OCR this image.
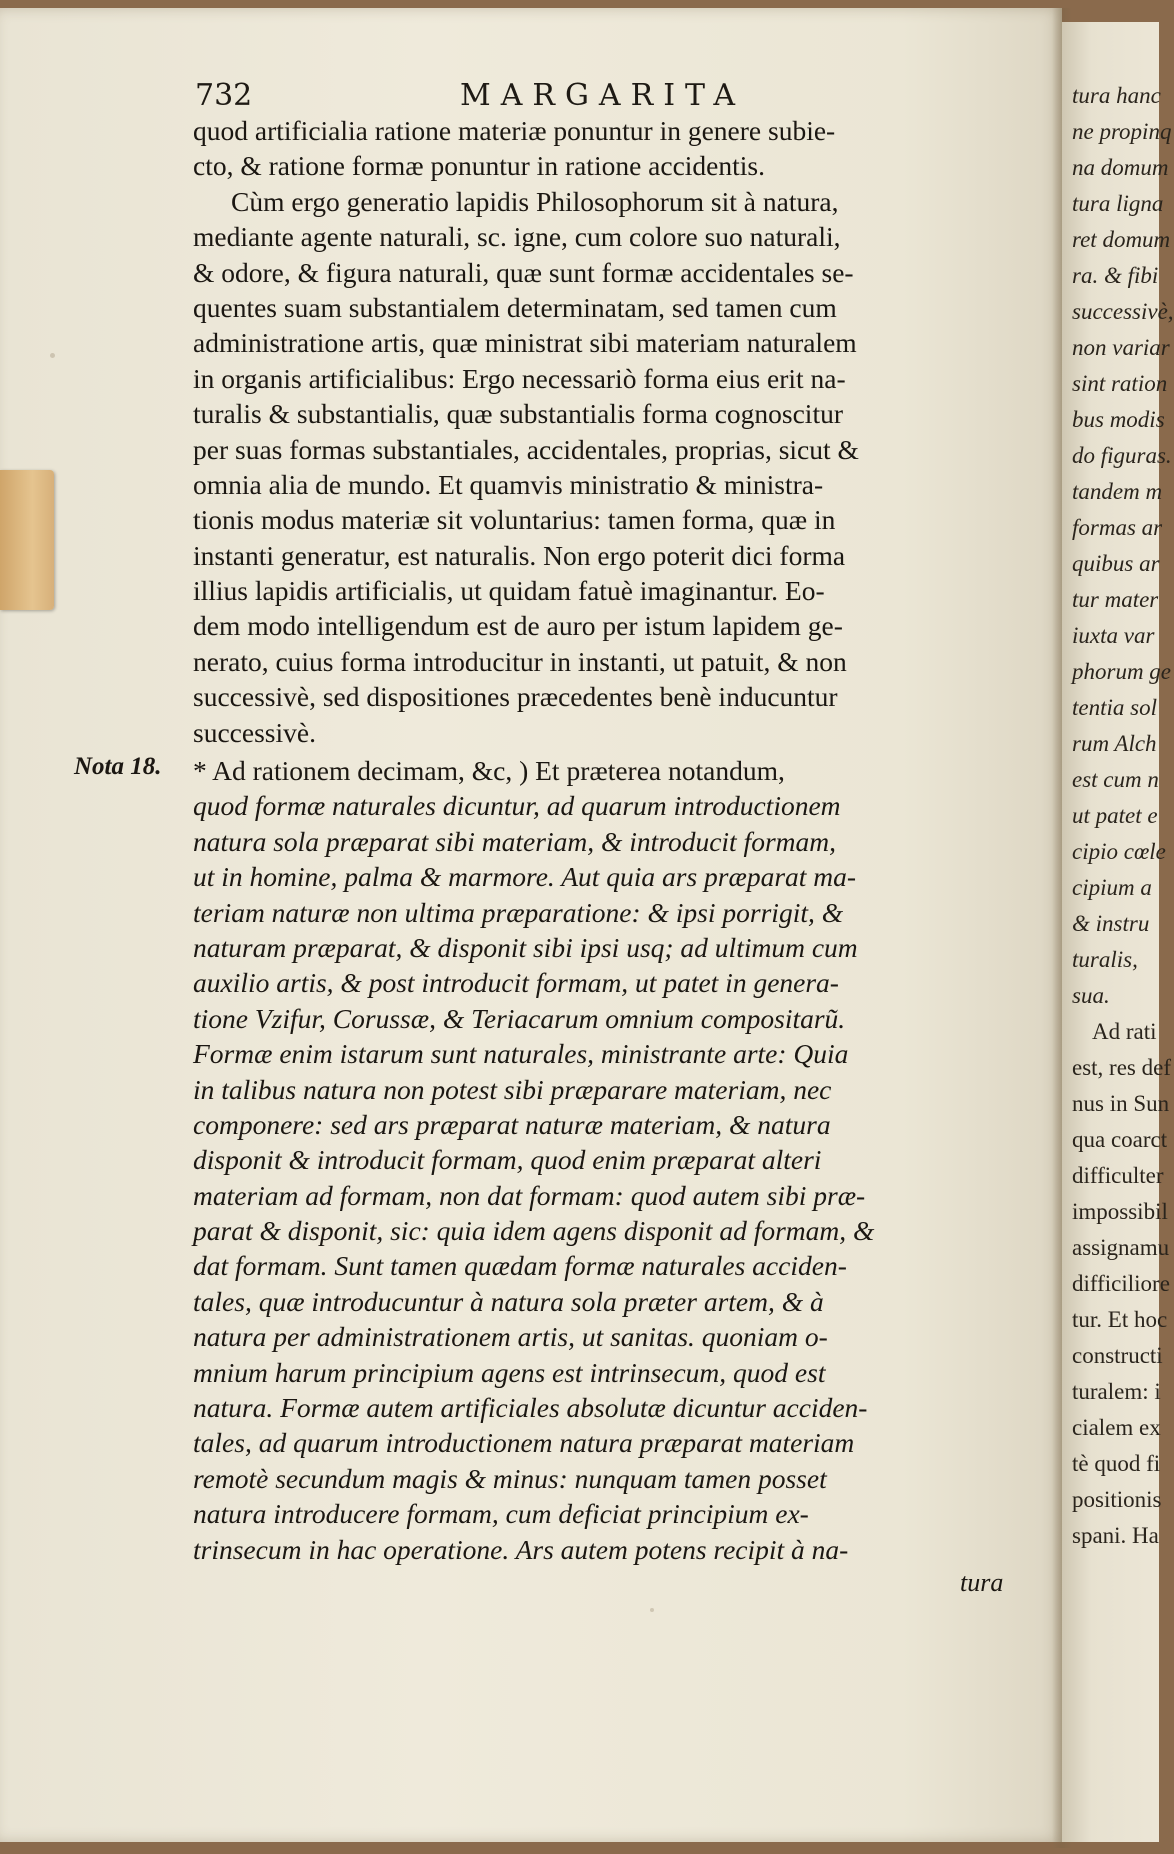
732	MARGARITA
quod artificialia ratione materiæ ponuntur in genere subie-
cto, & ratione formæ ponuntur in ratione accidentis.
Cùm ergo generatio lapidis Philosophorum sit à natura,
mediante agente naturali, sc. igne, cum colore suo naturali,
& odore, & figura naturali, quæ sunt formæ accidentales se-
quentes suam substantialem determinatam, sed tamen cum
administratione artis, quæ ministrat sibi materiam naturalem
in organis artificialibus: Ergo necessariò forma eius erit na-
turalis & substantialis, quæ substantialis forma cognoscitur
per suas formas substantiales, accidentales, proprias, sicut &
omnia alia de mundo. Et quamvis ministratio & ministra-
tionis modus materiæ sit voluntarius: tamen forma, quæ in
instanti generatur, est naturalis. Non ergo poterit dici forma
illius lapidis artificialis, ut quidam fatuè imaginantur. Eo-
dem modo intelligendum est de auro per istum lapidem ge-
nerato, cuius forma introducitur in instanti, ut patuit, & non
successivè, sed dispositiones præcedentes benè inducuntur
successivè.
Nota 18. * Ad rationem decimam, &c, ) Et præterea notandum,
quod formæ naturales dicuntur, ad quarum introductionem
natura sola præparat sibi materiam, & introducit formam,
ut in homine, palma & marmore. Aut quia ars præparat ma-
teriam naturæ non ultima præparatione: & ipsi porrigit, &
naturam præparat, & disponit sibi ipsi usq; ad ultimum cum
auxilio artis, & post introducit formam, ut patet in genera-
tione Vzifur, Corussæ, & Teriacarum omnium compositarũ.
Formæ enim istarum sunt naturales, ministrante arte: Quia
in talibus natura non potest sibi præparare materiam, nec
componere: sed ars præparat naturæ materiam, & natura
disponit & introducit formam, quod enim præparat alteri
materiam ad formam, non dat formam: quod autem sibi præ-
parat & disponit, sic: quia idem agens disponit ad formam, &
dat formam. Sunt tamen quædam formæ naturales acciden-
tales, quæ introducuntur à natura sola præter artem, & à
natura per administrationem artis, ut sanitas. quoniam o-
mnium harum principium agens est intrinsecum, quod est
natura. Formæ autem artificiales absolutæ dicuntur acciden-
tales, ad quarum introductionem natura præparat materiam
remotè secundum magis & minus: nunquam tamen posset
natura introducere formam, cum deficiat principium ex-
trinsecum in hac operatione. Ars autem potens recipit à na-
tura
tura hanc
ne propinq
na domum
tura ligna
ret domum
ra. & fibi
successivè,
non variar
sint ration
bus modis
do figuras.
tandem m
formas ar
quibus ar
tur mater
iuxta var
phorum ge
tentia sol
rum Alch
est cum n
ut patet e
cipio cœle
cipium a
& instru
turalis,
sua.
Ad rati
est, res def
nus in Sun
qua coarct
difficulter
impossibil
assignamu
difficiliore
tur. Et hoc
constructi
turalem: i
cialem ex
tè quod fi
positionis
spani. Ha
